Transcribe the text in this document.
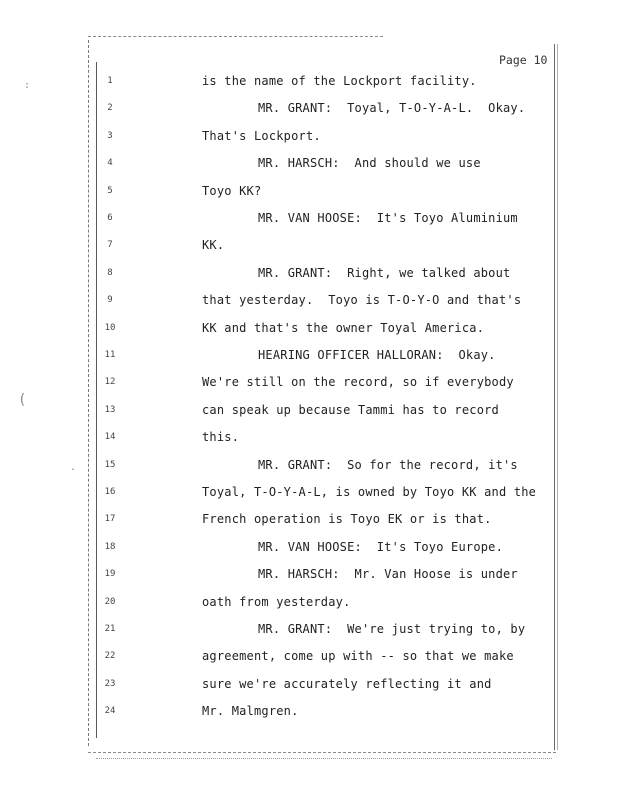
:
(
.
Page 10
1	is the name of the Lockport facility.
2	MR. GRANT:  Toyal, T-O-Y-A-L.  Okay.
3	That's Lockport.
4	MR. HARSCH:  And should we use
5	Toyo KK?
6	MR. VAN HOOSE:  It's Toyo Aluminium
7	KK.
8	MR. GRANT:  Right, we talked about
9	that yesterday.  Toyo is T-O-Y-O and that's
10	KK and that's the owner Toyal America.
11	HEARING OFFICER HALLORAN:  Okay.
12	We're still on the record, so if everybody
13	can speak up because Tammi has to record
14	this.
15	MR. GRANT:  So for the record, it's
16	Toyal, T-O-Y-A-L, is owned by Toyo KK and the
17	French operation is Toyo EK or is that.
18	MR. VAN HOOSE:  It's Toyo Europe.
19	MR. HARSCH:  Mr. Van Hoose is under
20	oath from yesterday.
21	MR. GRANT:  We're just trying to, by
22	agreement, come up with -- so that we make
23	sure we're accurately reflecting it and
24	Mr. Malmgren.
